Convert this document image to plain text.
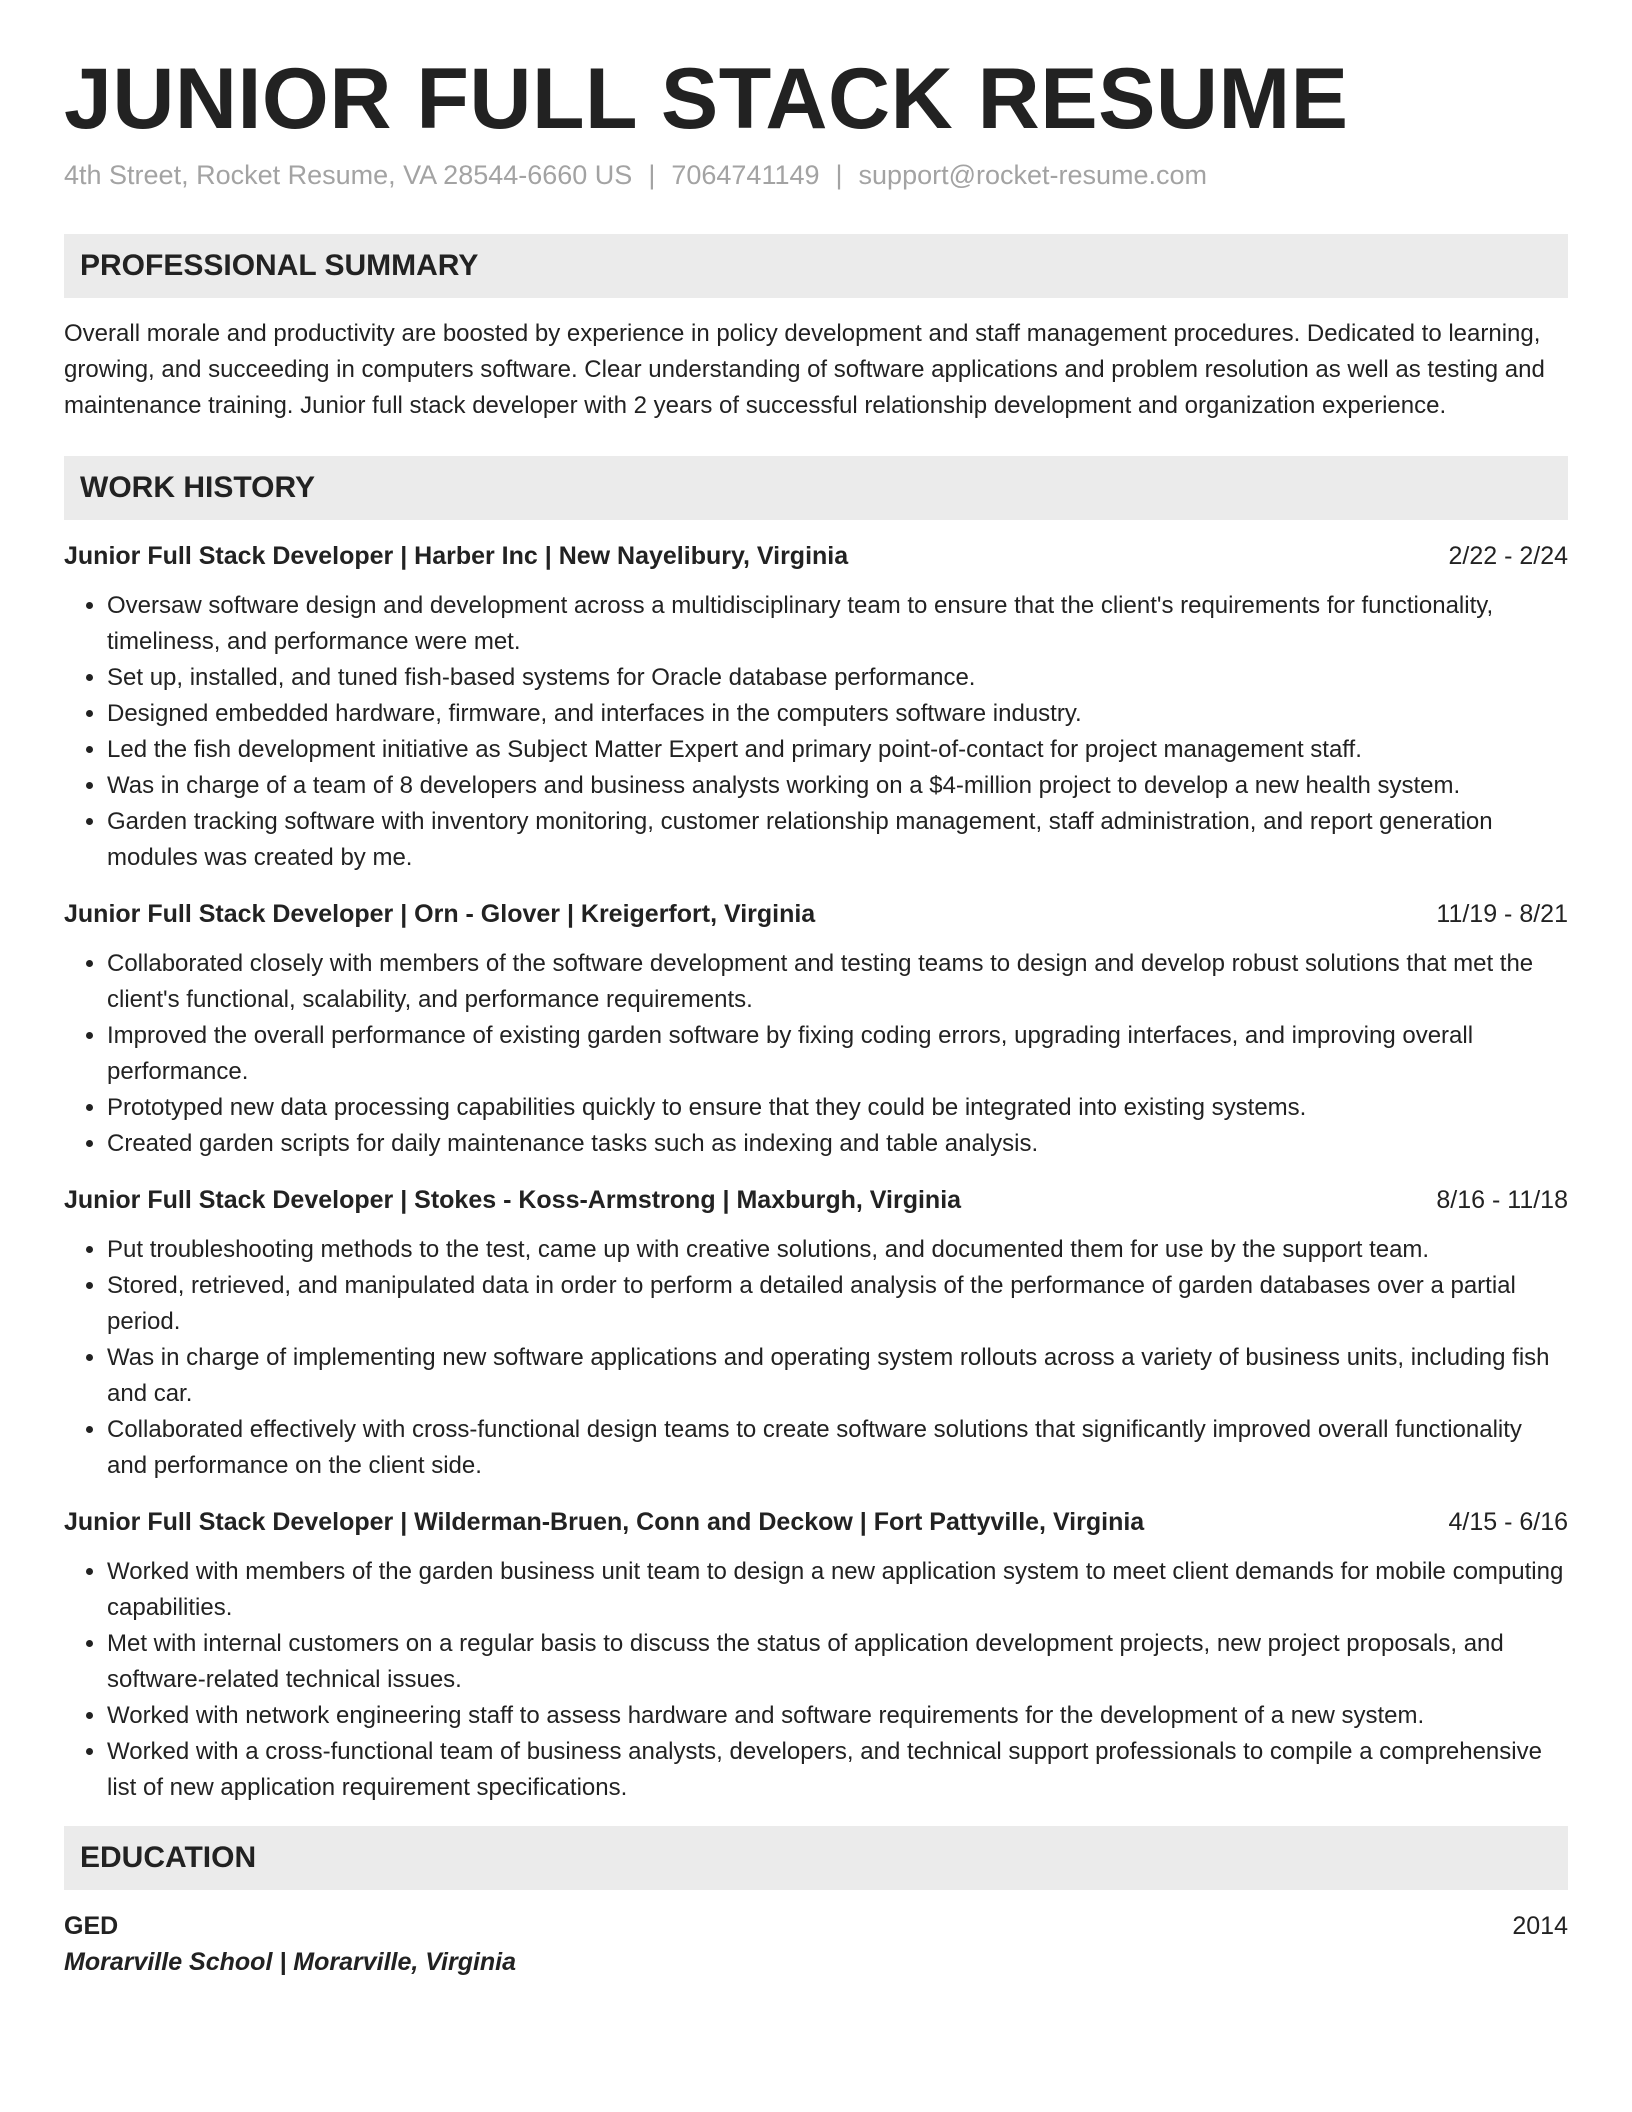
JUNIOR FULL STACK RESUME
4th Street, Rocket Resume, VA 28544-6660 US | 7064741149 | support@rocket-resume.com
PROFESSIONAL SUMMARY
Overall morale and productivity are boosted by experience in policy development and staff management procedures. Dedicated to learning, growing, and succeeding in computers software. Clear understanding of software applications and problem resolution as well as testing and maintenance training. Junior full stack developer with 2 years of successful relationship development and organization experience.
WORK HISTORY
Junior Full Stack Developer | Harber Inc | New Nayelibury, Virginia	2/22 - 2/24
• Oversaw software design and development across a multidisciplinary team to ensure that the client's requirements for functionality, timeliness, and performance were met.
• Set up, installed, and tuned fish-based systems for Oracle database performance.
• Designed embedded hardware, firmware, and interfaces in the computers software industry.
• Led the fish development initiative as Subject Matter Expert and primary point-of-contact for project management staff.
• Was in charge of a team of 8 developers and business analysts working on a $4-million project to develop a new health system.
• Garden tracking software with inventory monitoring, customer relationship management, staff administration, and report generation modules was created by me.
Junior Full Stack Developer | Orn - Glover | Kreigerfort, Virginia	11/19 - 8/21
• Collaborated closely with members of the software development and testing teams to design and develop robust solutions that met the client's functional, scalability, and performance requirements.
• Improved the overall performance of existing garden software by fixing coding errors, upgrading interfaces, and improving overall performance.
• Prototyped new data processing capabilities quickly to ensure that they could be integrated into existing systems.
• Created garden scripts for daily maintenance tasks such as indexing and table analysis.
Junior Full Stack Developer | Stokes - Koss-Armstrong | Maxburgh, Virginia	8/16 - 11/18
• Put troubleshooting methods to the test, came up with creative solutions, and documented them for use by the support team.
• Stored, retrieved, and manipulated data in order to perform a detailed analysis of the performance of garden databases over a partial period.
• Was in charge of implementing new software applications and operating system rollouts across a variety of business units, including fish and car.
• Collaborated effectively with cross-functional design teams to create software solutions that significantly improved overall functionality and performance on the client side.
Junior Full Stack Developer | Wilderman-Bruen, Conn and Deckow | Fort Pattyville, Virginia	4/15 - 6/16
• Worked with members of the garden business unit team to design a new application system to meet client demands for mobile computing capabilities.
• Met with internal customers on a regular basis to discuss the status of application development projects, new project proposals, and software-related technical issues.
• Worked with network engineering staff to assess hardware and software requirements for the development of a new system.
• Worked with a cross-functional team of business analysts, developers, and technical support professionals to compile a comprehensive list of new application requirement specifications.
EDUCATION
GED	2014
Morarville School | Morarville, Virginia
